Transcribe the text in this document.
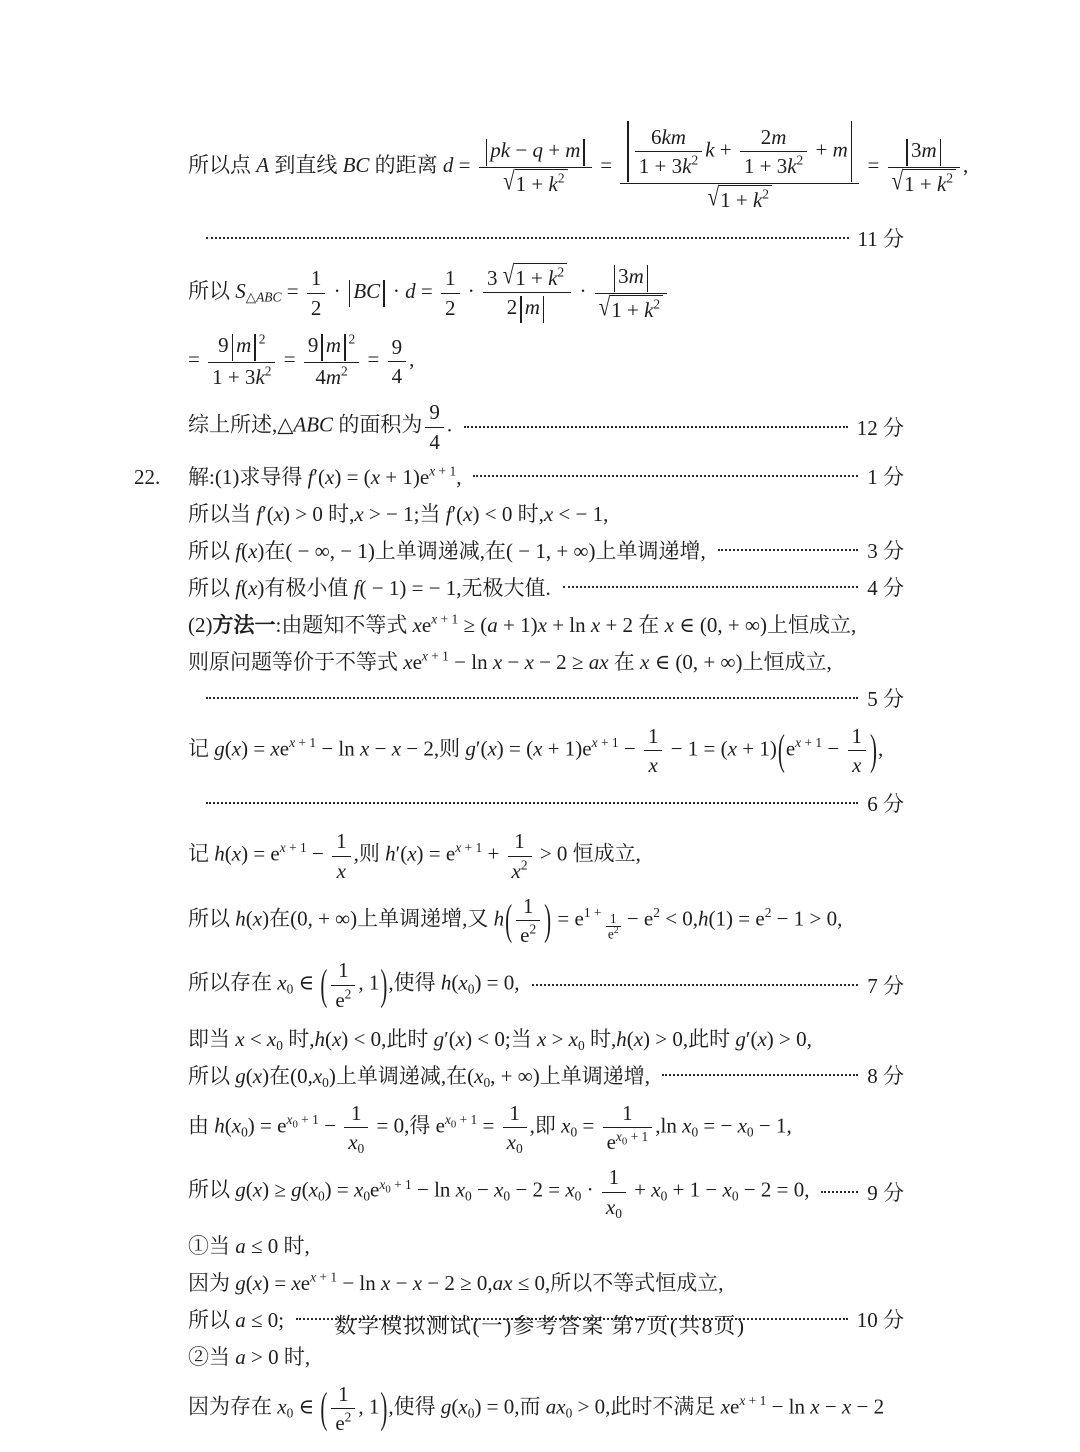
所以点 A 到直线 BC 的距离 $d = \frac{pk - q + m}{√1 + k^2} = \frac{\frac{6km}{1 + 3k^2} k + \frac{2m}{1 + 3k^2} + m}{√1 + k^2} = \frac{3m}{√1 + k^2}$ ,
11 分
所以 $S_{\triangle ABC} = \frac{1}{2}$ · BC · $d = \frac{1}{2} \cdot \frac{3 √1 + k^2}{2 m} \cdot \frac{3m}{√1 + k^2}$
= $\frac{9 m ^2}{1 + 3k^2} = \frac{9 m ^2}{4m^2} = \frac{9}{4}$ ,
综上所述,△ABC 的面积为 $\frac{9}{4}$ .	12 分
22. 解:(1)求导得 $f'(x) = (x + 1)e^{x + 1}$,	1 分
所以当 f′(x) > 0 时,x > − 1;当 f′(x) < 0 时,x < − 1,
所以 f(x)在( − ∞, − 1)上单调递减,在( − 1, + ∞)上单调递增,	3 分
所以 f(x)有极小值 f( − 1) = − 1,无极大值.	4 分
(2)方法一:由题知不等式 $xe^{x + 1} \ge (a + 1)x + \ln x + 2$ 在 x ∈ (0, + ∞)上恒成立,
则原问题等价于不等式 $xe^{x + 1} - \ln x - x - 2$ ≥ ax 在 x ∈ (0, + ∞)上恒成立,
5 分
记 $g(x) = xe^{x + 1} - \ln x - x - 2$,则 $g'(x) = (x + 1)e^{x + 1} - \frac{1}{x} - 1 = (x + 1)(e^{x + 1} - \frac{1}{x}$ ),
6 分
记 $h(x) = e^{x + 1} - \frac{1}{x}$ ,则 $h'(x) = e^{x + 1} + \frac{1}{x^2} > 0$ 恒成立,
所以 h(x)在(0, + ∞)上单调递增,又 $h( \frac{1}{e^2}$ ) = $e^{1 + \frac{1}{e^2}} - e^2 < 0,h(1) = e^2 - 1 > 0$,
所以存在 $x_0$ ∈ ( $\frac{1}{e^2}$ , 1),使得 $h(x_0) = 0$,	7 分
即当 $x < x_0$ 时,h(x) < 0,此时 g′(x) < 0;当 $x > x_0$ 时,h(x) > 0,此时 g′(x) > 0,
所以 g(x)在$(0,x_0)$上单调递减,在($x_0$, + ∞)上单调递增,	8 分
由 $h(x_0) = e^{x_0 + 1} - \frac{1}{x_0} = 0$,得 $e^{x_0 + 1} = \frac{1}{x_0}$ ,即 $x_0 = \frac{1}{e^{x_0 + 1}} ,\ln$ $x_0$ = − $x_0 - 1$,
所以 $g(x) \ge g(x_0) = x_0e^{x_0 + 1} - \ln x_0 - x_0 - 2 = x_0 \cdot \frac{1}{x_0} + x_0 + 1 - x_0 - 2 = 0$,	9 分
①当 a ≤ 0 时,
因为 $g(x) = xe^{x + 1} - \ln x - x - 2 \ge 0,ax \le 0$,所以不等式恒成立,
所以 a ≤ 0;	10 分
②当 a > 0 时,
因为存在 $x_0$ ∈ ( $\frac{1}{e^2}$ , 1),使得 $g(x_0) = 0$,而 $ax_0 > 0$,此时不满足 $xe^{x + 1} - \ln x - x - 2$
数学模拟测试(一)参考答案 第7页(共8页)
